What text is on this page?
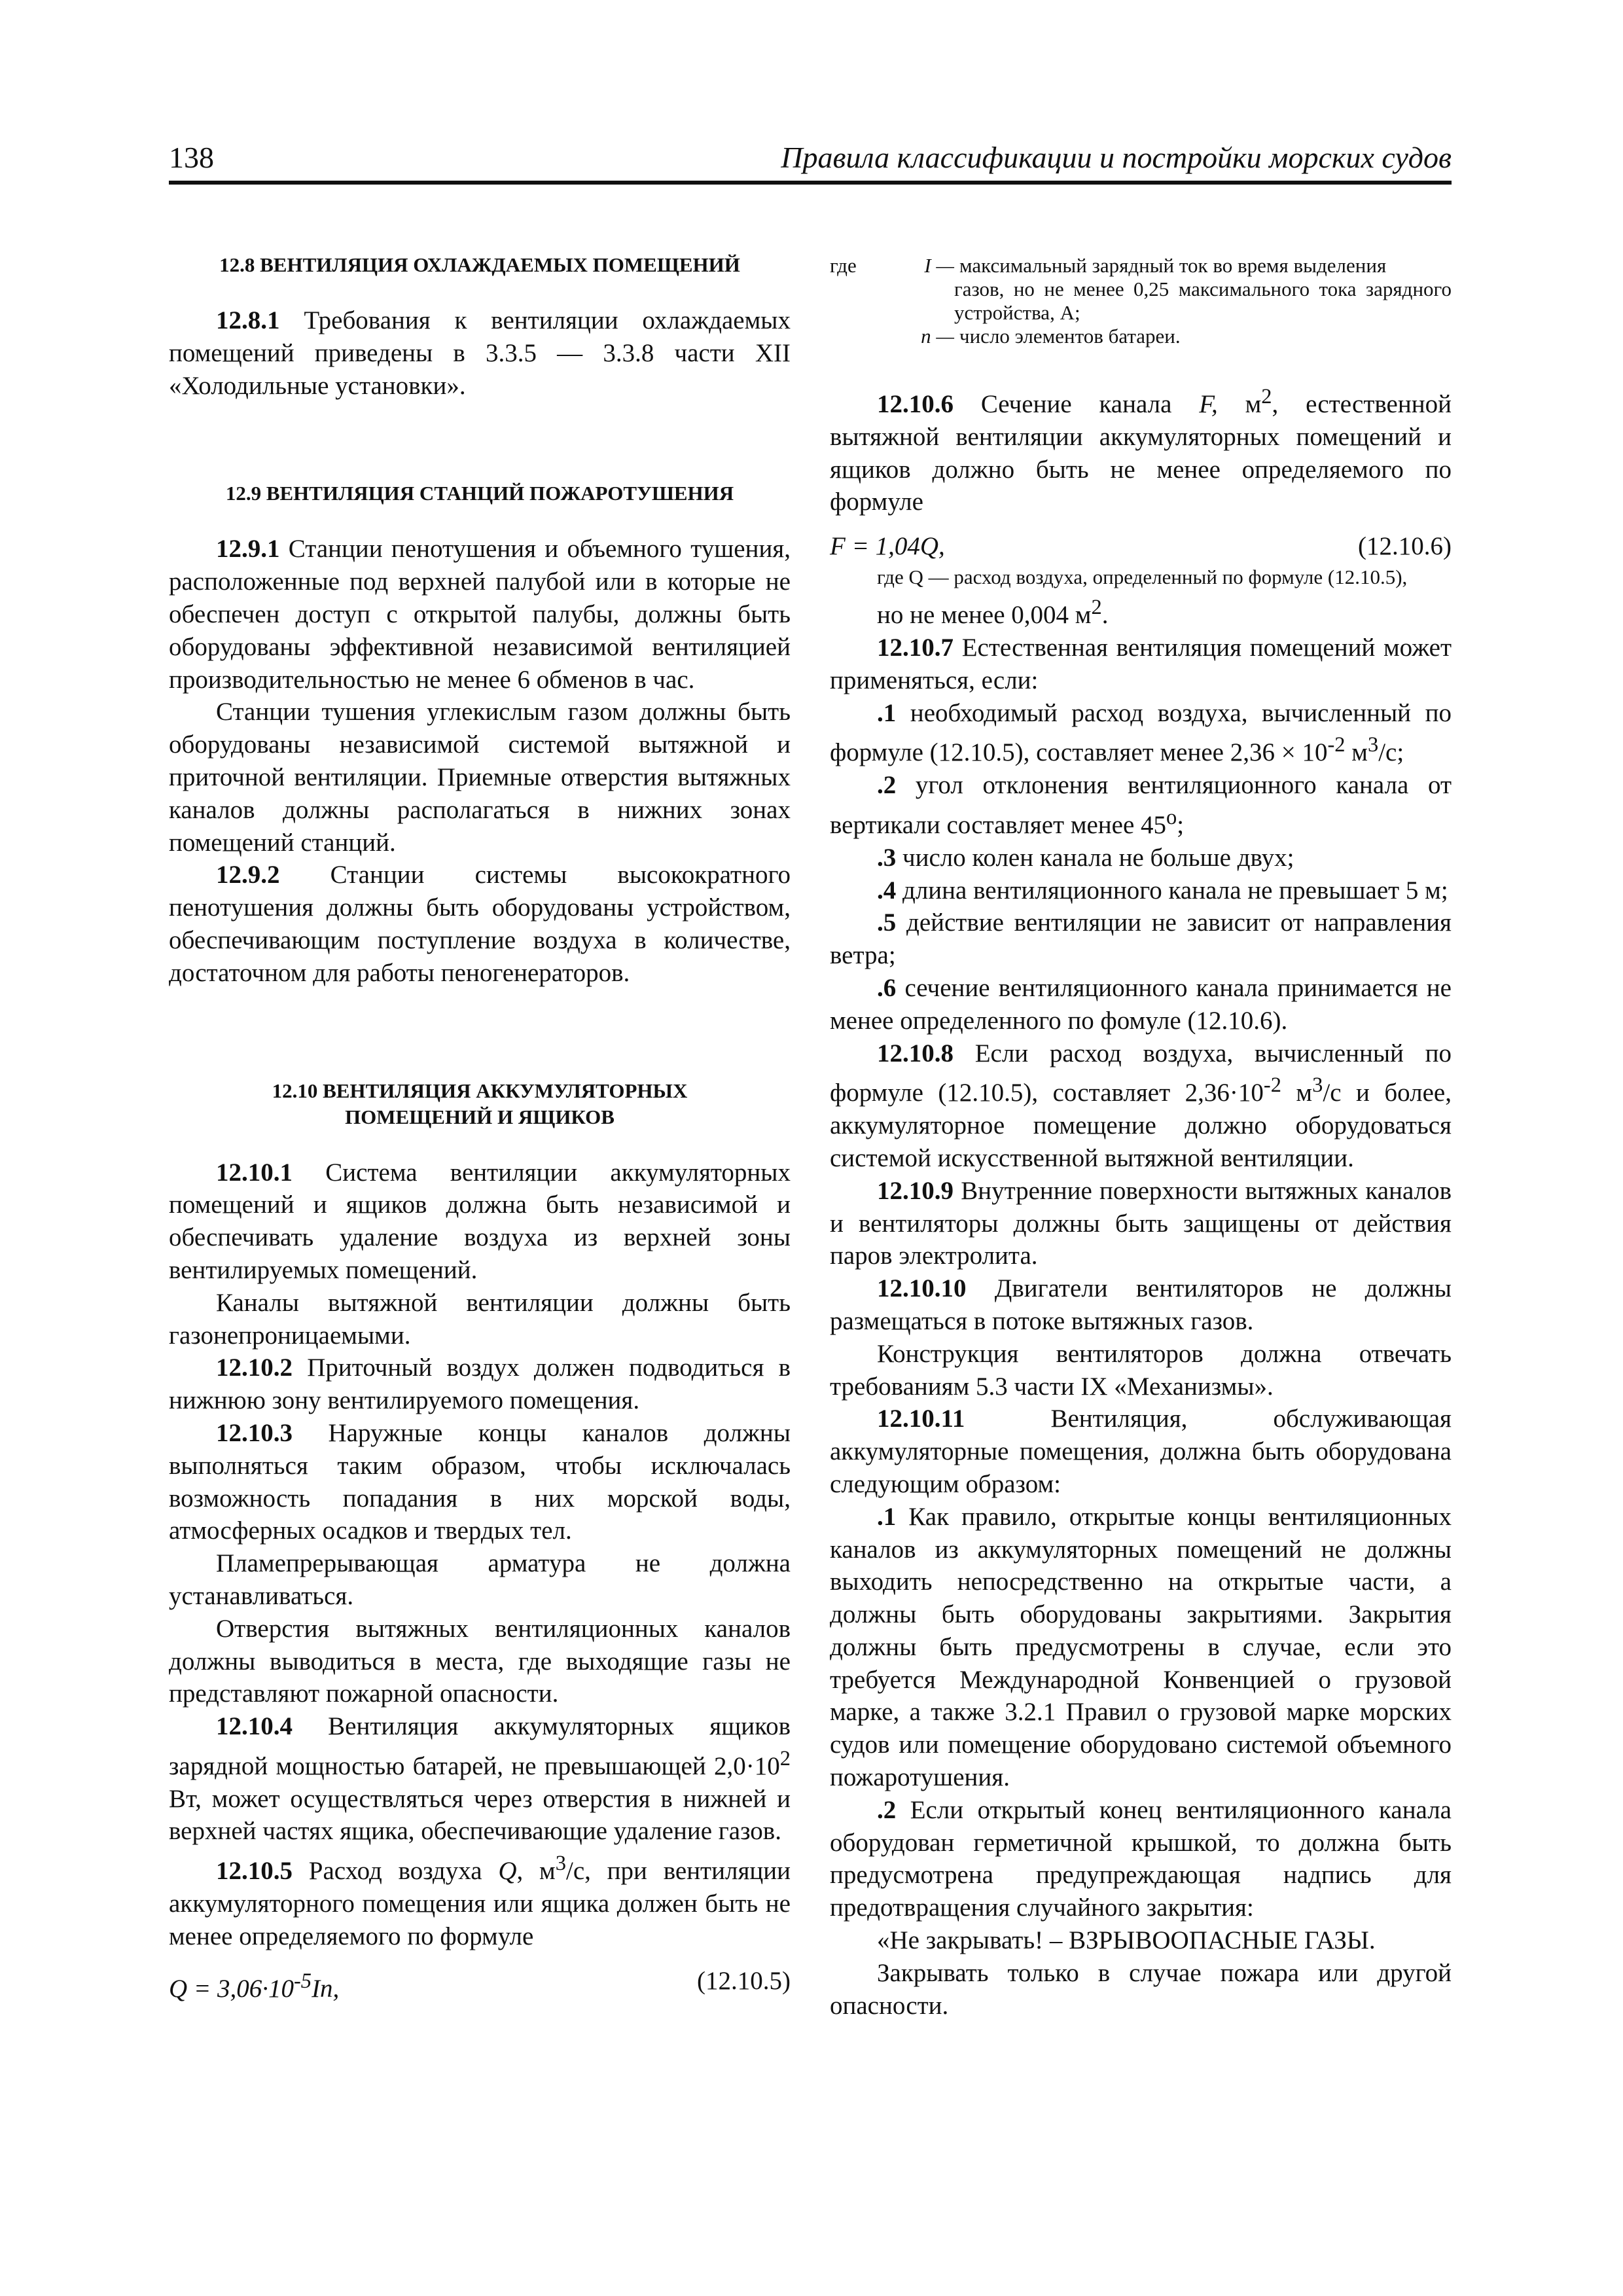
138	Правила классификации и постройки морских судов
12.8 ВЕНТИЛЯЦИЯ ОХЛАЖДАЕМЫХ ПОМЕЩЕНИЙ

12.8.1 Требования к вентиляции охлаждаемых помещений приведены в 3.3.5 — 3.3.8 части XII «Холодильные установки».

12.9 ВЕНТИЛЯЦИЯ СТАНЦИЙ ПОЖАРОТУШЕНИЯ

12.9.1 Станции пенотушения и объемного тушения, расположенные под верхней палубой или в которые не обеспечен доступ с открытой палубы, должны быть оборудованы эффективной независимой вентиляцией производительностью не менее 6 обменов в час.

Станции тушения углекислым газом должны быть оборудованы независимой системой вытяжной и приточной вентиляции. Приемные отверстия вытяжных каналов должны располагаться в нижних зонах помещений станций.

12.9.2 Станции системы высокократного пенотушения должны быть оборудованы устройством, обеспечивающим поступление воздуха в количестве, достаточном для работы пеногенераторов.

12.10 ВЕНТИЛЯЦИЯ АККУМУЛЯТОРНЫХ
ПОМЕЩЕНИЙ И ЯЩИКОВ

12.10.1 Система вентиляции аккумуляторных помещений и ящиков должна быть независимой и обеспечивать удаление воздуха из верхней зоны вентилируемых помещений.

Каналы вытяжной вентиляции должны быть газонепроницаемыми.

12.10.2 Приточный воздух должен подводиться в нижнюю зону вентилируемого помещения.

12.10.3 Наружные концы каналов должны выполняться таким образом, чтобы исключалась возможность попадания в них морской воды, атмосферных осадков и твердых тел.

Пламепрерывающая арматура не должна устанавливаться.

Отверстия вытяжных вентиляционных каналов должны выводиться в места, где выходящие газы не представляют пожарной опасности.

12.10.4 Вентиляция аккумуляторных ящиков зарядной мощностью батарей, не превышающей $2,0\cdot 10^2$ Вт, может осуществляться через отверстия в нижней и верхней частях ящика, обеспечивающие удаление газов.

12.10.5 Расход воздуха Q, $м^3/с$, при вентиляции аккумуляторного помещения или ящика должен быть не менее определяемого по формуле

$Q = 3,06\cdot 10^{-5}In$,	(12.10.5)
где	I — максимальный зарядный ток во время выделения
газов, но не менее 0,25 максимального тока зарядного устройства, А;
n — число элементов батареи.

12.10.6 Сечение канала F, $м^2$, естественной вытяжной вентиляции аккумуляторных помещений и ящиков должно быть не менее определяемого по формуле

F = 1,04Q,	(12.10.6)
где Q — расход воздуха, определенный по формуле (12.10.5),

но не менее 0,004 $м^2$.

12.10.7 Естественная вентиляция помещений может применяться, если:

.1 необходимый расход воздуха, вычисленный по формуле (12.10.5), составляет менее $2,36 \times 10^{-2}$ $м^3/с$;

.2 угол отклонения вентиляционного канала от вертикали составляет менее $45^о$;

.3 число колен канала не больше двух;

.4 длина вентиляционного канала не превышает 5 м;

.5 действие вентиляции не зависит от направления ветра;

.6 сечение вентиляционного канала принимается не менее определенного по фомуле (12.10.6).

12.10.8 Если расход воздуха, вычисленный по формуле (12.10.5), составляет $2,36\cdot 10^{-2}$ $м^3/с$ и более, аккумуляторное помещение должно оборудоваться системой искусственной вытяжной вентиляции.

12.10.9 Внутренние поверхности вытяжных каналов и вентиляторы должны быть защищены от действия паров электролита.

12.10.10 Двигатели вентиляторов не должны размещаться в потоке вытяжных газов.

Конструкция вентиляторов должна отвечать требованиям 5.3 части IX «Механизмы».

12.10.11 Вентиляция, обслуживающая аккумуляторные помещения, должна быть оборудована следующим образом:

.1 Как правило, открытые концы вентиляционных каналов из аккумуляторных помещений не должны выходить непосредственно на открытые части, а должны быть оборудованы закрытиями. Закрытия должны быть предусмотрены в случае, если это требуется Международной Конвенцией о грузовой марке, а также 3.2.1 Правил о грузовой марке морских судов или помещение оборудовано системой объемного пожаротушения.

.2 Если открытый конец вентиляционного канала оборудован герметичной крышкой, то должна быть предусмотрена предупреждающая надпись для предотвращения случайного закрытия:

«Не закрывать! – ВЗРЫВООПАСНЫЕ ГАЗЫ.

Закрывать только в случае пожара или другой опасности.
